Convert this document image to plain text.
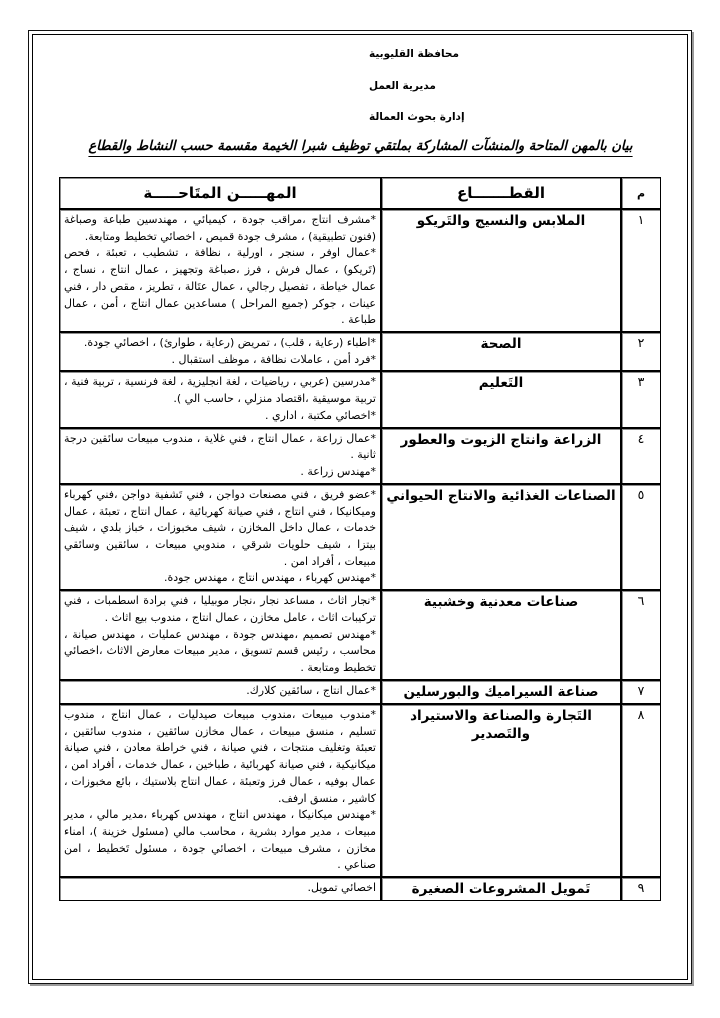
محافظة القليوبية
مديرية العمل
إدارة بحوث العمالة
بيان بالمهن المتاحة والمنشآت المشاركة بملتقي توظيف شبرا الخيمة مقسمة حسب النشاط والقطاع
م	القطـــــــاع	المهـــــن المتَاحـــــة
١	الملابس والنسيج والتَريكو	*مشرف انتاج ،مراقب جودة ، كيميائي ، مهندسين طباعة وصباغة (فنون تطبيقية) ، مشرف جودة قميص ، اخصائي تخطيط ومتابعة.

*عمال اوفر ، سنجر ، اورلية ، نظافة ، تشطيب ، تعبئة ، فحص (تَريكو) ، عمال فرش ، فرز ،صباغة وتجهيز ، عمال انتاج ، نساج ، عمال خياطة ، تفصيل رجالي ، عمال عتَالة ، تطريز ، مقص دار ، فني عينات ، جوكر (جميع المراحل ) مساعدين عمال انتاج ، أمن ، عمال طباعة .

٢	الصحة	*اطباء (رعاية ، قلب) ، تمريض (رعاية ، طوارئ) ، اخصائي جودة.

*فرد أمن ، عاملات نظافة ، موظف استقبال .

٣	التَعليم	*مدرسين (عربي ، رياضيات ، لغة انجليزية ، لغة فرنسية ، تربية فنية ، تربية موسيقية ،اقتصاد منزلي ، حاسب الي ).

*اخصائي مكتبة ، اداري .

٤	الزراعة وانتاج الزيوت والعطور	*عمال زراعة ، عمال انتاج ، فني غلاية ، مندوب مبيعات سائقين درجة ثانية .

*مهندس زراعة .

٥	الصناعات الغذائية والانتاج الحيواني	*عضو فريق ، فني مصنعات دواجن ، فني تَشفية دواجن ،فني كهرباء وميكانيكا ، فني انتاج ، فني صيانة كهربائية ، عمال انتاج ، تعبئة ، عمال خدمات ، عمال داخل المخازن ، شيف مخبوزات ، خباز بلدي ، شيف بيتزا ، شيف حلويات شرقي ، مندوبي مبيعات ، سائقين وسائقي مبيعات ، أفراد امن .

*مهندس كهرباء ، مهندس انتاج ، مهندس جودة.

٦	صناعات معدنية وخشبية	*نجار اثاث ، مساعد نجار ،نجار موبيليا ، فني برادة اسطمبات ، فني تركيبات اثاث ، عامل مخازن ، عمال انتاج ، مندوب بيع اثاث .

*مهندس تصميم ،مهندس جودة ، مهندس عمليات ، مهندس صيانة ، محاسب ، رئيس قسم تسويق ، مدير مبيعات معارض الاثاث ،اخصائي تخطيط ومتابعة .

٧	صناعة السيراميك والبورسلين	*عمال انتاج ، سائقين كلارك.

٨	التَجارة والصناعة والاستيراد والتَصدير	*مندوب مبيعات ،مندوب مبيعات صيدليات ، عمال انتاج ، مندوب تسليم ، منسق مبيعات ، عمال مخازن سائقين ، مندوب سائقين ، تعبئة وتغليف منتجات ، فني صيانة ، فني خراطة معادن ، فني صيانة ميكانيكية ، فني صيانة كهربائية ، طباخين ، عمال خدمات ، أفراد امن ، عمال بوفيه ، عمال فرز وتعبئة ، عمال انتاج بلاستيك ، بائع مخبوزات ، كاشير ، منسق ارفف.

*مهندس ميكانيكا ، مهندس انتاج ، مهندس كهرباء ،مدير مالي ، مدير مبيعات ، مدير موارد بشرية ، محاسب مالي (مسئول خزينة )، امناء مخازن ، مشرف مبيعات ، اخصائي جودة ، مسئول تَخطيط ، امن صناعي .

٩	تَمويل المشروعات الصغيرة	اخصائي تمويل.
